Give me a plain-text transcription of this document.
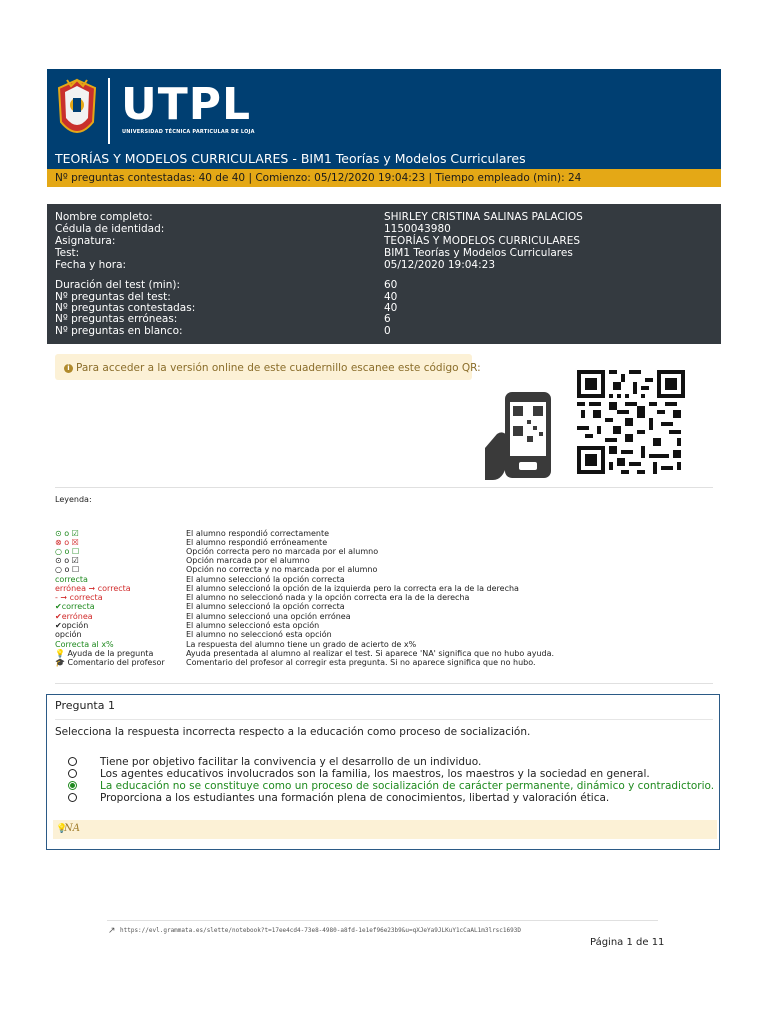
UTPL
UNIVERSIDAD TÉCNICA PARTICULAR DE LOJA
TEORÍAS Y MODELOS CURRICULARES - BIM1 Teorías y Modelos Curriculares
Nº preguntas contestadas: 40 de 40 | Comienzo: 05/12/2020 19:04:23 | Tiempo empleado (min): 24
Nombre completo:	SHIRLEY CRISTINA SALINAS PALACIOS
Cédula de identidad:	1150043980
Asignatura:	TEORÍAS Y MODELOS CURRICULARES
Test:	BIM1 Teorías y Modelos Curriculares
Fecha y hora:	05/12/2020 19:04:23
Duración del test (min):	60
Nº preguntas del test:	40
Nº preguntas contestadas:	40
Nº preguntas erróneas:	6
Nº preguntas en blanco:	0
i Para acceder a la versión online de este cuadernillo escanee este código QR:
Leyenda:
⊙ o ☑	El alumno respondió correctamente
⊗ o ☒	El alumno respondió erróneamente
○ o ☐	Opción correcta pero no marcada por el alumno
⊙ o ☑	Opción marcada por el alumno
○ o ☐	Opción no correcta y no marcada por el alumno
correcta	El alumno seleccionó la opción correcta
errónea ➞ correcta	El alumno seleccionó la opción de la izquierda pero la correcta era la de la derecha
- ➞ correcta	El alumno no seleccionó nada y la opción correcta era la de la derecha
✔correcta	El alumno seleccionó la opción correcta
✔errónea	El alumno seleccionó una opción errónea
✔opción	El alumno seleccionó esta opción
opción	El alumno no seleccionó esta opción
Correcta al x%	La respuesta del alumno tiene un grado de acierto de x%
💡 Ayuda de la pregunta	Ayuda presentada al alumno al realizar el test. Si aparece 'NA' significa que no hubo ayuda.
🎓 Comentario del profesor	Comentario del profesor al corregir esta pregunta. Si no aparece significa que no hubo.
Pregunta 1
Selecciona la respuesta incorrecta respecto a la educación como proceso de socialización.
Tiene por objetivo facilitar la convivencia y el desarrollo de un individuo.
Los agentes educativos involucrados son la familia, los maestros, los maestros y la sociedad en general.
La educación no se constituye como un proceso de socialización de carácter permanente, dinámico y contradictorio.
Proporciona a los estudiantes una formación plena de conocimientos, libertad y valoración ética.
💡
NA
↗ https://evl.grammata.es/slette/notebook?t=17ee4cd4-73e8-4980-a8fd-1e1ef96e23b9&u=qXJeYa9JLKuY1cCaAL1m3lrsc1693D
Página 1 de 11
